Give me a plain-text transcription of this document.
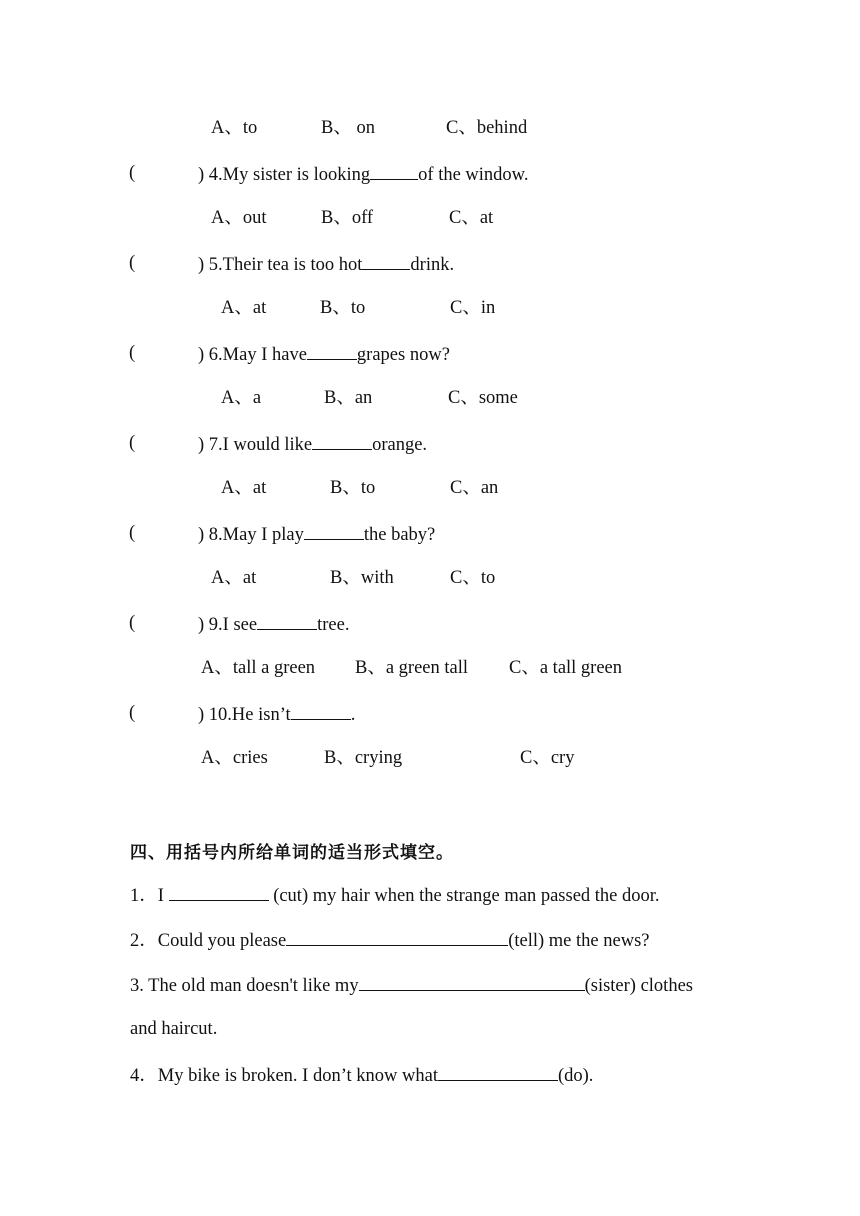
A、to	B、 on	C、behind
(	) 4.My sister is looking	of the window.
A、out	B、off	C、at
(	) 5.Their tea is too hot	drink.
A、at	B、to	C、in
(	) 6.May I have	grapes now?
A、a	B、an	C、some
(	) 7.I would like	orange.
A、at	B、to	C、an
(	) 8.May I play	the baby?
A、at	B、with	C、to
(	) 9.I see	tree.
A、tall a green B、a green tall C、a tall green
(	) 10.He isn’t	.
A、cries	B、crying	C、cry
四、用括号内所给单词的适当形式填空。
1．I	(cut) my hair when the strange man passed the door.
2．Could you please	(tell) me the news?
3. The old man doesn't like my	(sister) clothes
and haircut.
4．My bike is broken. I don’t know what	(do).
